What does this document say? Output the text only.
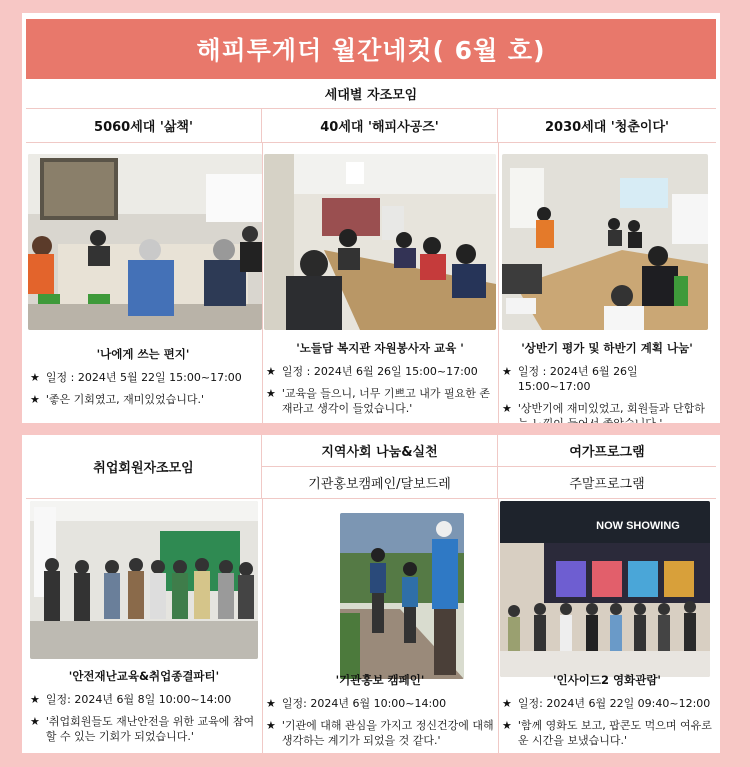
해피투게더 월간네컷( 6월 호)
세대별 자조모임
5060세대 '삶책'	40세대 '해피사공즈'	2030세대 '청춘이다'
'나에게 쓰는 편지'
★ 일정 : 2024년 5월 22일 15:00~17:00
★ '좋은 기회였고, 재미있었습니다.'
'노들담 복지관 자원봉사자 교육 '
★ 일정 : 2024년 6월 26일 15:00~17:00
★ '교육을 들으니, 너무 기쁘고 내가 필요한 존재라고 생각이 들었습니다.'
'상반기 평가 및 하반기 계획 나눔'
★ 일정 : 2024년 6월 26일 15:00~17:00
★ '상반기에 재미있었고, 회원들과 단합하
취업회원자조모임
지역사회 나눔&실천
기관홍보캠페인/달보드레
여가프로그램
주말프로그램
NOW SHOWING
'안전재난교육&취업종결파티'
★ 일정: 2024년 6월 8일 10:00~14:00
★ '취업회원들도 재난안전을 위한 교육에 참여할 수 있는 기회가 되었습니다.'
'기관홍보 캠페인'
★ 일정: 2024년 6월 10:00~14:00
★ '기관에 대해 관심을 가지고 정신건강에 대해 생각하는 계기가 되었을 것 같다.'
'인사이드2 영화관람'
★ 일정: 2024년 6월 22일 09:40~12:00
★ '함께 영화도 보고, 팝콘도 먹으며 여유로운 시간을 보냈습니다.'
